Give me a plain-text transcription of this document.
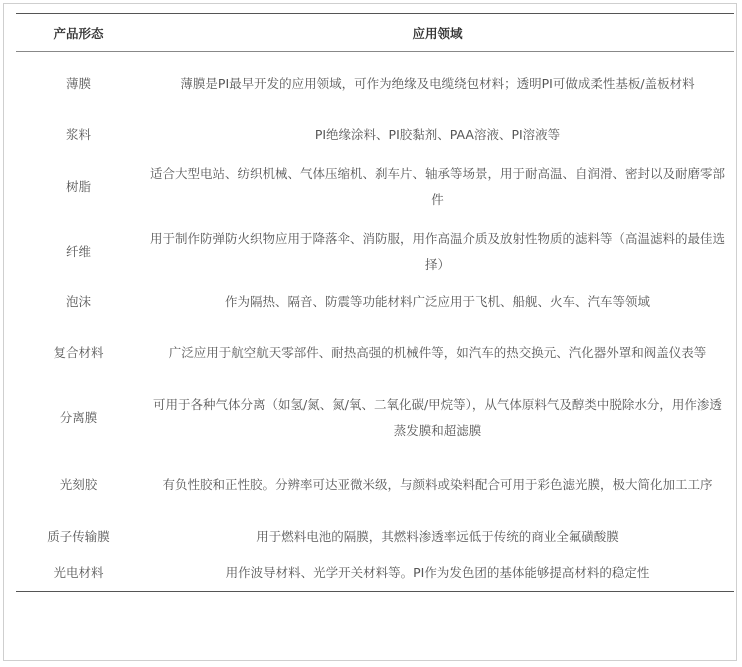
产品形态	应用领域
薄膜	薄膜是PI最早开发的应用领域，可作为绝缘及电缆绕包材料；透明PI可做成柔性基板/盖板材料
浆料	PI绝缘涂料、PI胶黏剂、PAA溶液、PI溶液等
树脂	适合大型电站、纺织机械、气体压缩机、刹车片、轴承等场景，用于耐高温、自润滑、密封以及耐磨零部件
纤维	用于制作防弹防火织物应用于降落伞、消防服，用作高温介质及放射性物质的滤料等（高温滤料的最佳选择）
泡沫	作为隔热、隔音、防震等功能材料广泛应用于飞机、船舰、火车、汽车等领域
复合材料	广泛应用于航空航天零部件、耐热高强的机械件等，如汽车的热交换元、汽化器外罩和阀盖仪表等
分离膜	可用于各种气体分离（如氢/氮、氮/氧、二氧化碳/甲烷等），从气体原料气及醇类中脱除水分，用作渗透蒸发膜和超滤膜
光刻胶	有负性胶和正性胶。分辨率可达亚微米级，与颜料或染料配合可用于彩色滤光膜，极大简化加工工序
质子传输膜	用于燃料电池的隔膜，其燃料渗透率远低于传统的商业全氟磺酸膜
光电材料	用作波导材料、光学开关材料等。PI作为发色团的基体能够提高材料的稳定性
